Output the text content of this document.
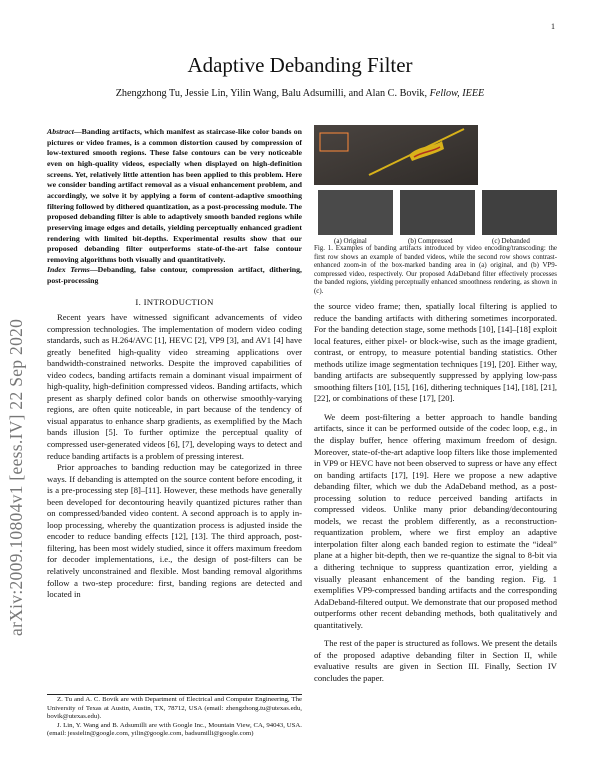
1
Adaptive Debanding Filter
Zhengzhong Tu, Jessie Lin, Yilin Wang, Balu Adsumilli, and Alan C. Bovik, Fellow, IEEE
arXiv:2009.10804v1 [eess.IV] 22 Sep 2020
Abstract—Banding artifacts, which manifest as staircase-like color bands on pictures or video frames, is a common distortion caused by compression of low-textured smooth regions. These false contours can be very noticeable even on high-quality videos, especially when displayed on high-definition screens. Yet, relatively little attention has been applied to this problem. Here we consider banding artifact removal as a visual enhancement problem, and accordingly, we solve it by applying a form of content-adaptive smoothing filtering followed by dithered quantization, as a post-processing module. The proposed debanding filter is able to adaptively smooth banded regions while preserving image edges and details, yielding perceptually enhanced gradient rendering with limited bit-depths. Experimental results show that our proposed debanding filter outperforms state-of-the-art false contour removing algorithms both visually and quantitatively.
Index Terms—Debanding, false contour, compression artifact, dithering, post-processing
(a) Original	(b) Compressed	(c) Debanded
Fig. 1. Examples of banding artifacts introduced by video encoding/transcoding: the first row shows an example of banded videos, while the second row shows contrast-enhanced zoom-in of the box-marked banding area in (a) original, and (b) VP9-compressed video, respectively. Our proposed AdaDeband filter effectively processes the banded regions, yielding perceptually enhanced smoothness rendering, as shown in (c).
I. INTRODUCTION

Recent years have witnessed significant advancements of video compression technologies. The implementation of modern video coding standards, such as H.264/AVC [1], HEVC [2], VP9 [3], and AV1 [4] have greatly benefited high-quality video streaming applications over bandwidth-constrained networks. Despite the improved capabilities of video codecs, banding artifacts remain a dominant visual impairment of high-quality, high-definition compressed videos. Banding artifacts, which present as sharply defined color bands on otherwise smoothly-varying regions, are often quite noticeable, in part because of the tendency of visual apparatus to enhance sharp gradients, as exemplified by the Mach bands illusion [5]. To further optimize the perceptual quality of compressed user-generated videos [6], [7], developing ways to detect and reduce banding artifacts is a problem of pressing interest.

Prior approaches to banding reduction may be categorized in three ways. If debanding is attempted on the source content before encoding, it is a pre-processing step [8]–[11]. However, these methods have generally been developed for decontouring heavily quantized pictures rather than on compressed/banded video content. A second approach is to apply in-loop processing, whereby the quantization process is adjusted inside the encoder to reduce banding effects [12], [13]. The third approach, post-filtering, has been most widely studied, since it offers maximum freedom for decoder implementations, i.e., the design of post-filters can be relatively unconstrained and flexible. Most banding removal algorithms follow a two-step procedure: first, banding regions are detected and located in

the source video frame; then, spatially local filtering is applied to reduce the banding artifacts with dithering sometimes incorporated. For the banding detection stage, some methods [10], [14]–[18] exploit local features, either pixel- or block-wise, such as the image gradient, contrast, or entropy, to measure potential banding statistics. Other methods utilize image segmentation techniques [19], [20]. Either way, banding artifacts are subsequently suppressed by applying low-pass smoothing filters [10], [15], [16], dithering techniques [14], [18], [21], [22], or combinations of these [17], [20].

We deem post-filtering a better approach to handle banding artifacts, since it can be performed outside of the codec loop, e.g., in the display buffer, hence offering maximum freedom of design. Moreover, state-of-the-art adaptive loop filters like those implemented in VP9 or HEVC have not been observed to supress or have any effect on banding artifacts [17], [19]. Here we propose a new adaptive debanding filter, which we dub the AdaDeband method, as a post-processing solution to reduce perceived banding artifacts in compressed videos. Unlike many prior debanding/decontouring models, we recast the problem differently, as a reconstruction-requantization problem, where we first employ an adaptive interpolation filter along each banded region to estimate the “ideal” plane at a higher bit-depth, then we re-quantize the signal to 8-bit via a dithering technique to suppress quantization error, yielding a visually pleasant enhancement of the banding region. Fig. 1 exemplifies VP9-compressed banding artifacts and the corresponding AdaDeband-filtered output. We demonstrate that our proposed method outperforms other recent debanding methods, both qualitatively and quantitatively.

The rest of the paper is structured as follows. We present the details of the proposed adaptive debanding filter in Section II, while evaluative results are given in Section III. Finally, Section IV concludes the paper.

Z. Tu and A. C. Bovik are with Department of Electrical and Computer Engineering, The University of Texas at Austin, Austin, TX, 78712, USA (email: zhengzhong.tu@utexas.edu, bovik@utexas.edu).

J. Lin, Y. Wang and B. Adsumilli are with Google Inc., Mountain View, CA, 94043, USA. (email: jessielin@google.com, yilin@google.com, badsumilli@google.com)
